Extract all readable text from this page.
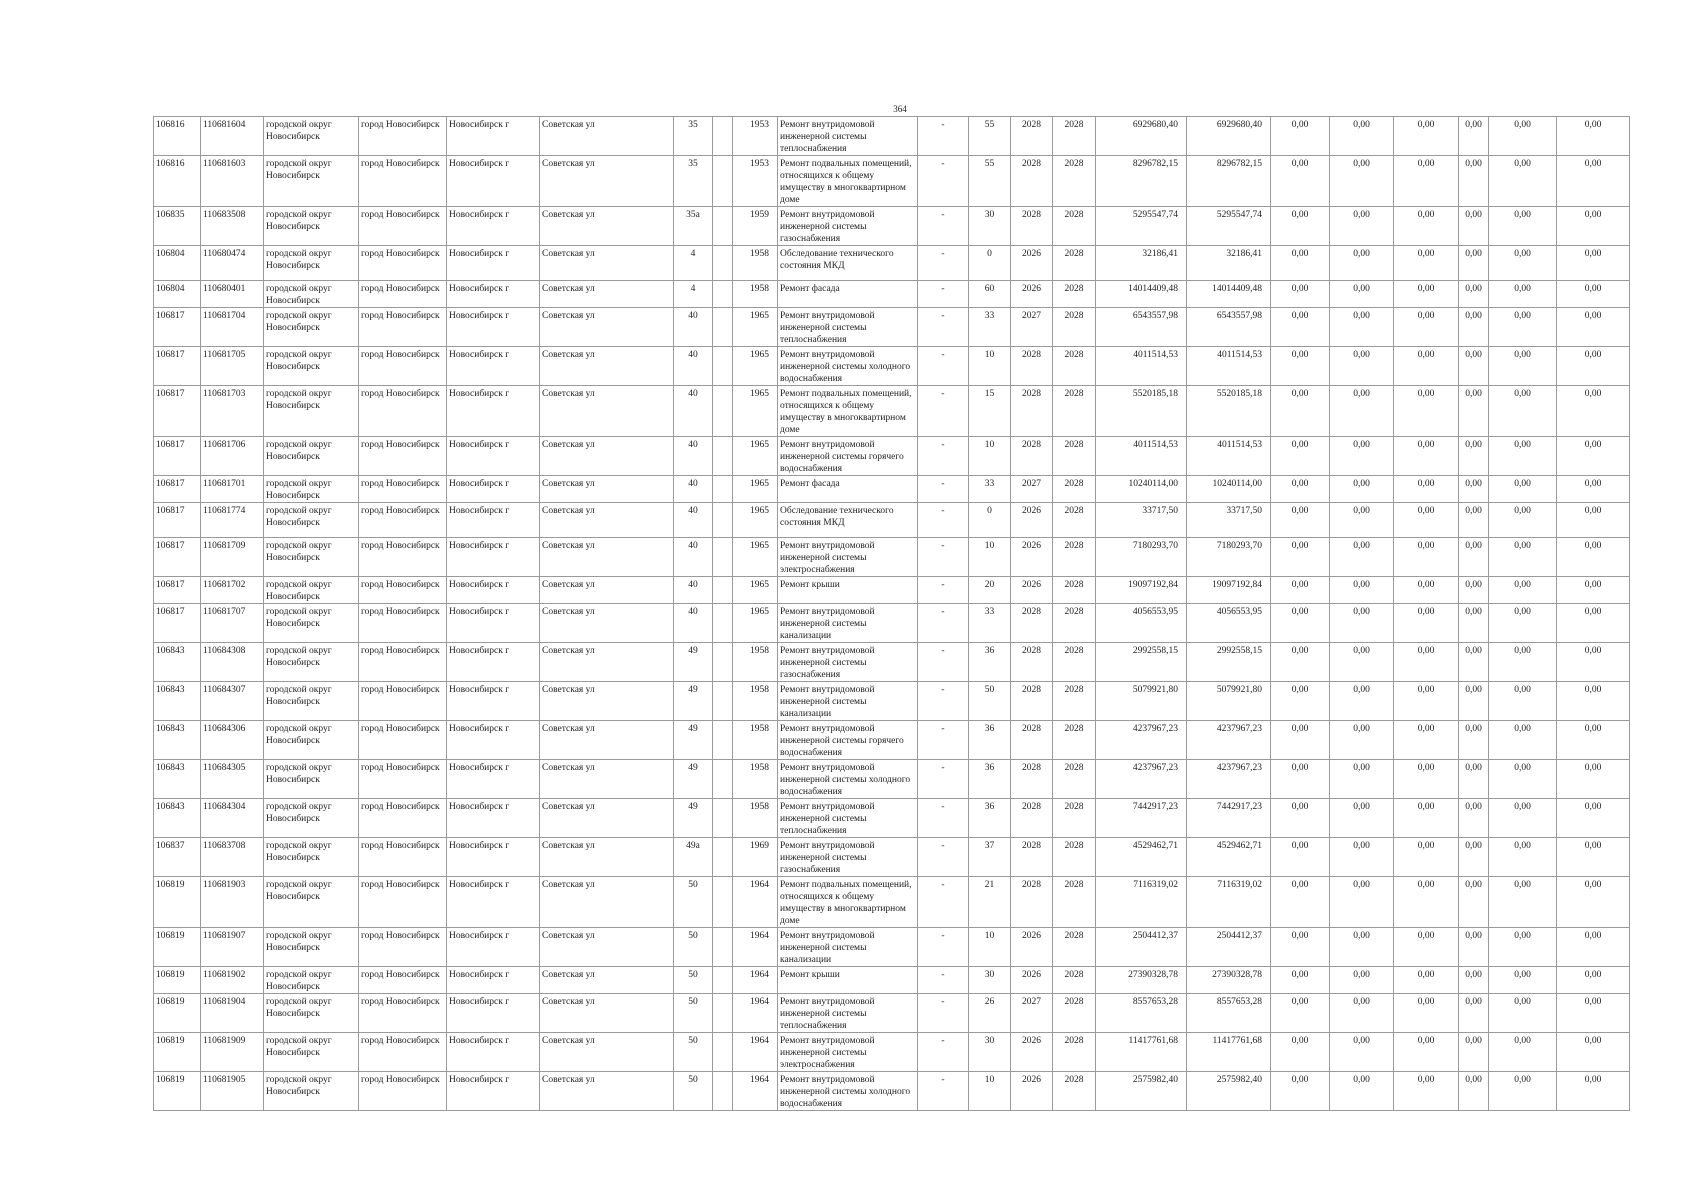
364
106816	110681604	городской округ Новосибирск	город Новосибирск	Новосибирск г	Советская ул	35		1953	Ремонт внутридомовой инженерной системы теплоснабжения	-	55	2028	2028	6929680,40	6929680,40	0,00	0,00	0,00	0,00	0,00	0,00
106816	110681603	городской округ Новосибирск	город Новосибирск	Новосибирск г	Советская ул	35		1953	Ремонт подвальных помещений, относящихся к общему имуществу в многоквартирном доме	-	55	2028	2028	8296782,15	8296782,15	0,00	0,00	0,00	0,00	0,00	0,00
106835	110683508	городской округ Новосибирск	город Новосибирск	Новосибирск г	Советская ул	35а		1959	Ремонт внутридомовой инженерной системы газоснабжения	-	30	2028	2028	5295547,74	5295547,74	0,00	0,00	0,00	0,00	0,00	0,00
106804	110680474	городской округ Новосибирск	город Новосибирск	Новосибирск г	Советская ул	4		1958	Обследование технического состояния МКД	-	0	2026	2028	32186,41	32186,41	0,00	0,00	0,00	0,00	0,00	0,00
106804	110680401	городской округ Новосибирск	город Новосибирск	Новосибирск г	Советская ул	4		1958	Ремонт фасада	-	60	2026	2028	14014409,48	14014409,48	0,00	0,00	0,00	0,00	0,00	0,00
106817	110681704	городской округ Новосибирск	город Новосибирск	Новосибирск г	Советская ул	40		1965	Ремонт внутридомовой инженерной системы теплоснабжения	-	33	2027	2028	6543557,98	6543557,98	0,00	0,00	0,00	0,00	0,00	0,00
106817	110681705	городской округ Новосибирск	город Новосибирск	Новосибирск г	Советская ул	40		1965	Ремонт внутридомовой инженерной системы холодного водоснабжения	-	10	2028	2028	4011514,53	4011514,53	0,00	0,00	0,00	0,00	0,00	0,00
106817	110681703	городской округ Новосибирск	город Новосибирск	Новосибирск г	Советская ул	40		1965	Ремонт подвальных помещений, относящихся к общему имуществу в многоквартирном доме	-	15	2028	2028	5520185,18	5520185,18	0,00	0,00	0,00	0,00	0,00	0,00
106817	110681706	городской округ Новосибирск	город Новосибирск	Новосибирск г	Советская ул	40		1965	Ремонт внутридомовой инженерной системы горячего водоснабжения	-	10	2028	2028	4011514,53	4011514,53	0,00	0,00	0,00	0,00	0,00	0,00
106817	110681701	городской округ Новосибирск	город Новосибирск	Новосибирск г	Советская ул	40		1965	Ремонт фасада	-	33	2027	2028	10240114,00	10240114,00	0,00	0,00	0,00	0,00	0,00	0,00
106817	110681774	городской округ Новосибирск	город Новосибирск	Новосибирск г	Советская ул	40		1965	Обследование технического состояния МКД	-	0	2026	2028	33717,50	33717,50	0,00	0,00	0,00	0,00	0,00	0,00
106817	110681709	городской округ Новосибирск	город Новосибирск	Новосибирск г	Советская ул	40		1965	Ремонт внутридомовой инженерной системы электроснабжения	-	10	2026	2028	7180293,70	7180293,70	0,00	0,00	0,00	0,00	0,00	0,00
106817	110681702	городской округ Новосибирск	город Новосибирск	Новосибирск г	Советская ул	40		1965	Ремонт крыши	-	20	2026	2028	19097192,84	19097192,84	0,00	0,00	0,00	0,00	0,00	0,00
106817	110681707	городской округ Новосибирск	город Новосибирск	Новосибирск г	Советская ул	40		1965	Ремонт внутридомовой инженерной системы канализации	-	33	2028	2028	4056553,95	4056553,95	0,00	0,00	0,00	0,00	0,00	0,00
106843	110684308	городской округ Новосибирск	город Новосибирск	Новосибирск г	Советская ул	49		1958	Ремонт внутридомовой инженерной системы газоснабжения	-	36	2028	2028	2992558,15	2992558,15	0,00	0,00	0,00	0,00	0,00	0,00
106843	110684307	городской округ Новосибирск	город Новосибирск	Новосибирск г	Советская ул	49		1958	Ремонт внутридомовой инженерной системы канализации	-	50	2028	2028	5079921,80	5079921,80	0,00	0,00	0,00	0,00	0,00	0,00
106843	110684306	городской округ Новосибирск	город Новосибирск	Новосибирск г	Советская ул	49		1958	Ремонт внутридомовой инженерной системы горячего водоснабжения	-	36	2028	2028	4237967,23	4237967,23	0,00	0,00	0,00	0,00	0,00	0,00
106843	110684305	городской округ Новосибирск	город Новосибирск	Новосибирск г	Советская ул	49		1958	Ремонт внутридомовой инженерной системы холодного водоснабжения	-	36	2028	2028	4237967,23	4237967,23	0,00	0,00	0,00	0,00	0,00	0,00
106843	110684304	городской округ Новосибирск	город Новосибирск	Новосибирск г	Советская ул	49		1958	Ремонт внутридомовой инженерной системы теплоснабжения	-	36	2028	2028	7442917,23	7442917,23	0,00	0,00	0,00	0,00	0,00	0,00
106837	110683708	городской округ Новосибирск	город Новосибирск	Новосибирск г	Советская ул	49а		1969	Ремонт внутридомовой инженерной системы газоснабжения	-	37	2028	2028	4529462,71	4529462,71	0,00	0,00	0,00	0,00	0,00	0,00
106819	110681903	городской округ Новосибирск	город Новосибирск	Новосибирск г	Советская ул	50		1964	Ремонт подвальных помещений, относящихся к общему имуществу в многоквартирном доме	-	21	2028	2028	7116319,02	7116319,02	0,00	0,00	0,00	0,00	0,00	0,00
106819	110681907	городской округ Новосибирск	город Новосибирск	Новосибирск г	Советская ул	50		1964	Ремонт внутридомовой инженерной системы канализации	-	10	2026	2028	2504412,37	2504412,37	0,00	0,00	0,00	0,00	0,00	0,00
106819	110681902	городской округ Новосибирск	город Новосибирск	Новосибирск г	Советская ул	50		1964	Ремонт крыши	-	30	2026	2028	27390328,78	27390328,78	0,00	0,00	0,00	0,00	0,00	0,00
106819	110681904	городской округ Новосибирск	город Новосибирск	Новосибирск г	Советская ул	50		1964	Ремонт внутридомовой инженерной системы теплоснабжения	-	26	2027	2028	8557653,28	8557653,28	0,00	0,00	0,00	0,00	0,00	0,00
106819	110681909	городской округ Новосибирск	город Новосибирск	Новосибирск г	Советская ул	50		1964	Ремонт внутридомовой инженерной системы электроснабжения	-	30	2026	2028	11417761,68	11417761,68	0,00	0,00	0,00	0,00	0,00	0,00
106819	110681905	городской округ Новосибирск	город Новосибирск	Новосибирск г	Советская ул	50		1964	Ремонт внутридомовой инженерной системы холодного водоснабжения	-	10	2026	2028	2575982,40	2575982,40	0,00	0,00	0,00	0,00	0,00	0,00
